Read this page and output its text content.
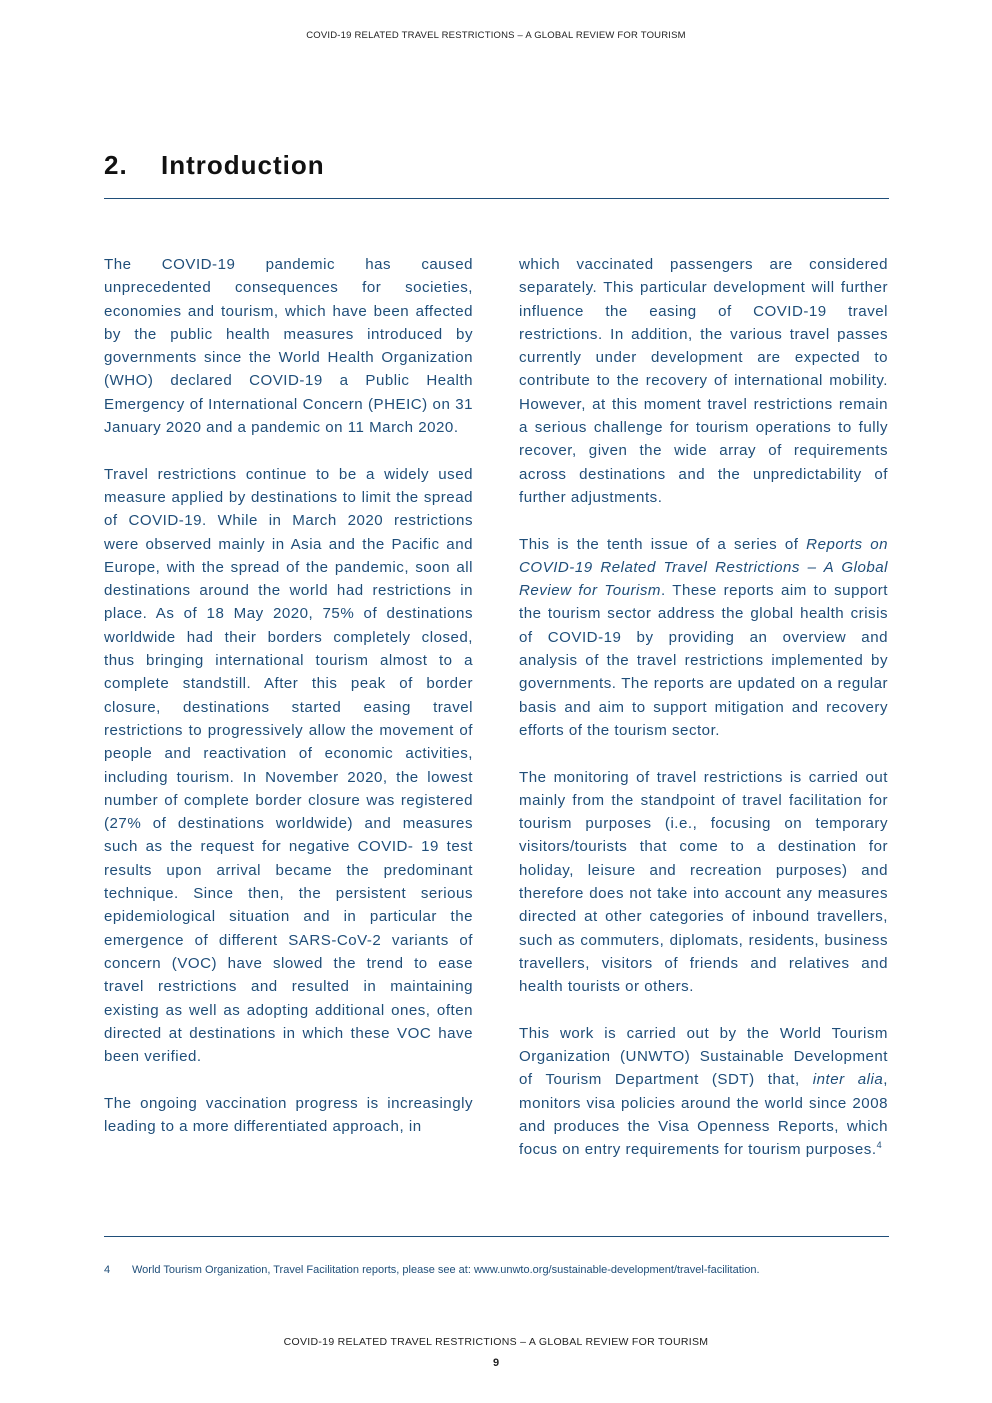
COVID-19 RELATED TRAVEL RESTRICTIONS – A GLOBAL REVIEW FOR TOURISM
2. Introduction

The COVID-19 pandemic has caused unprecedented consequences for societies, economies and tourism, which have been affected by the public health measures introduced by governments since the World Health Organization (WHO) declared COVID-19 a Public Health Emergency of International Concern (PHEIC) on 31 January 2020 and a pandemic on 11 March 2020.

Travel restrictions continue to be a widely used measure applied by destinations to limit the spread of COVID-19. While in March 2020 restrictions were observed mainly in Asia and the Pacific and Europe, with the spread of the pandemic, soon all destinations around the world had restrictions in place. As of 18 May 2020, 75% of destinations worldwide had their borders completely closed, thus bringing international tourism almost to a complete standstill. After this peak of border closure, destinations started easing travel restrictions to progressively allow the movement of people and reactivation of economic activities, including tourism. In November 2020, the lowest number of complete border closure was registered (27% of destinations worldwide) and measures such as the request for negative COVID- 19 test results upon arrival became the predominant technique. Since then, the persistent serious epidemiological situation and in particular the emergence of different SARS-CoV-2 variants of concern (VOC) have slowed the trend to ease travel restrictions and resulted in maintaining existing as well as adopting additional ones, often directed at destinations in which these VOC have been verified.

The ongoing vaccination progress is increasingly leading to a more differentiated approach, in

which vaccinated passengers are considered separately. This particular development will further influence the easing of COVID-19 travel restrictions. In addition, the various travel passes currently under development are expected to contribute to the recovery of international mobility. However, at this moment travel restrictions remain a serious challenge for tourism operations to fully recover, given the wide array of requirements across destinations and the unpredictability of further adjustments.

This is the tenth issue of a series of Reports on COVID-19 Related Travel Restrictions – A Global Review for Tourism. These reports aim to support the tourism sector address the global health crisis of COVID-19 by providing an overview and analysis of the travel restrictions implemented by governments. The reports are updated on a regular basis and aim to support mitigation and recovery efforts of the tourism sector.

The monitoring of travel restrictions is carried out mainly from the standpoint of travel facilitation for tourism purposes (i.e., focusing on temporary visitors/tourists that come to a destination for holiday, leisure and recreation purposes) and therefore does not take into account any measures directed at other categories of inbound travellers, such as commuters, diplomats, residents, business travellers, visitors of friends and relatives and health tourists or others.

This work is carried out by the World Tourism Organization (UNWTO) Sustainable Development of Tourism Department (SDT) that, inter alia, monitors visa policies around the world since 2008 and produces the Visa Openness Reports, which focus on entry requirements for tourism purposes.$^4$

4 World Tourism Organization, Travel Facilitation reports, please see at: www.unwto.org/sustainable-development/travel-facilitation.
COVID-19 RELATED TRAVEL RESTRICTIONS – A GLOBAL REVIEW FOR TOURISM
9
